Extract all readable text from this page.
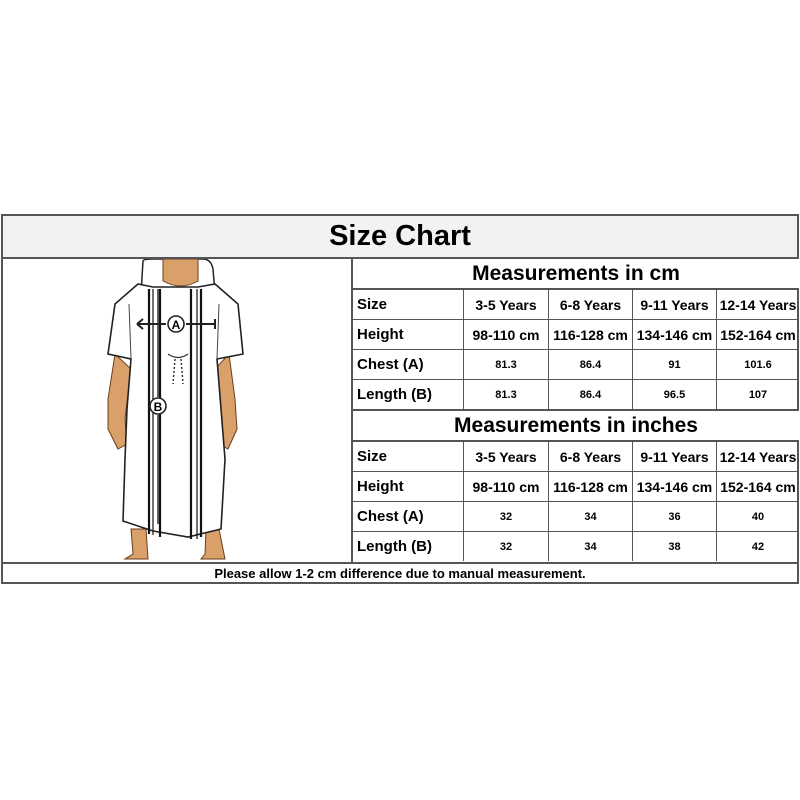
Size Chart
A
B
Measurements in cm
Size	3-5 Years	6-8 Years	9-11 Years 12-14 Years
Height	98-110 cm 116-128 cm 134-146 cm 152-164 cm
Chest (A)	81.3	86.4	91	101.6
Length (B)	81.3	86.4	96.5	107
Measurements in inches
Size	3-5 Years	6-8 Years	9-11 Years 12-14 Years
Height	98-110 cm 116-128 cm 134-146 cm 152-164 cm
Chest (A)	32	34	36	40
Length (B)	32	34	38	42
Please allow 1-2 cm difference due to manual measurement.
